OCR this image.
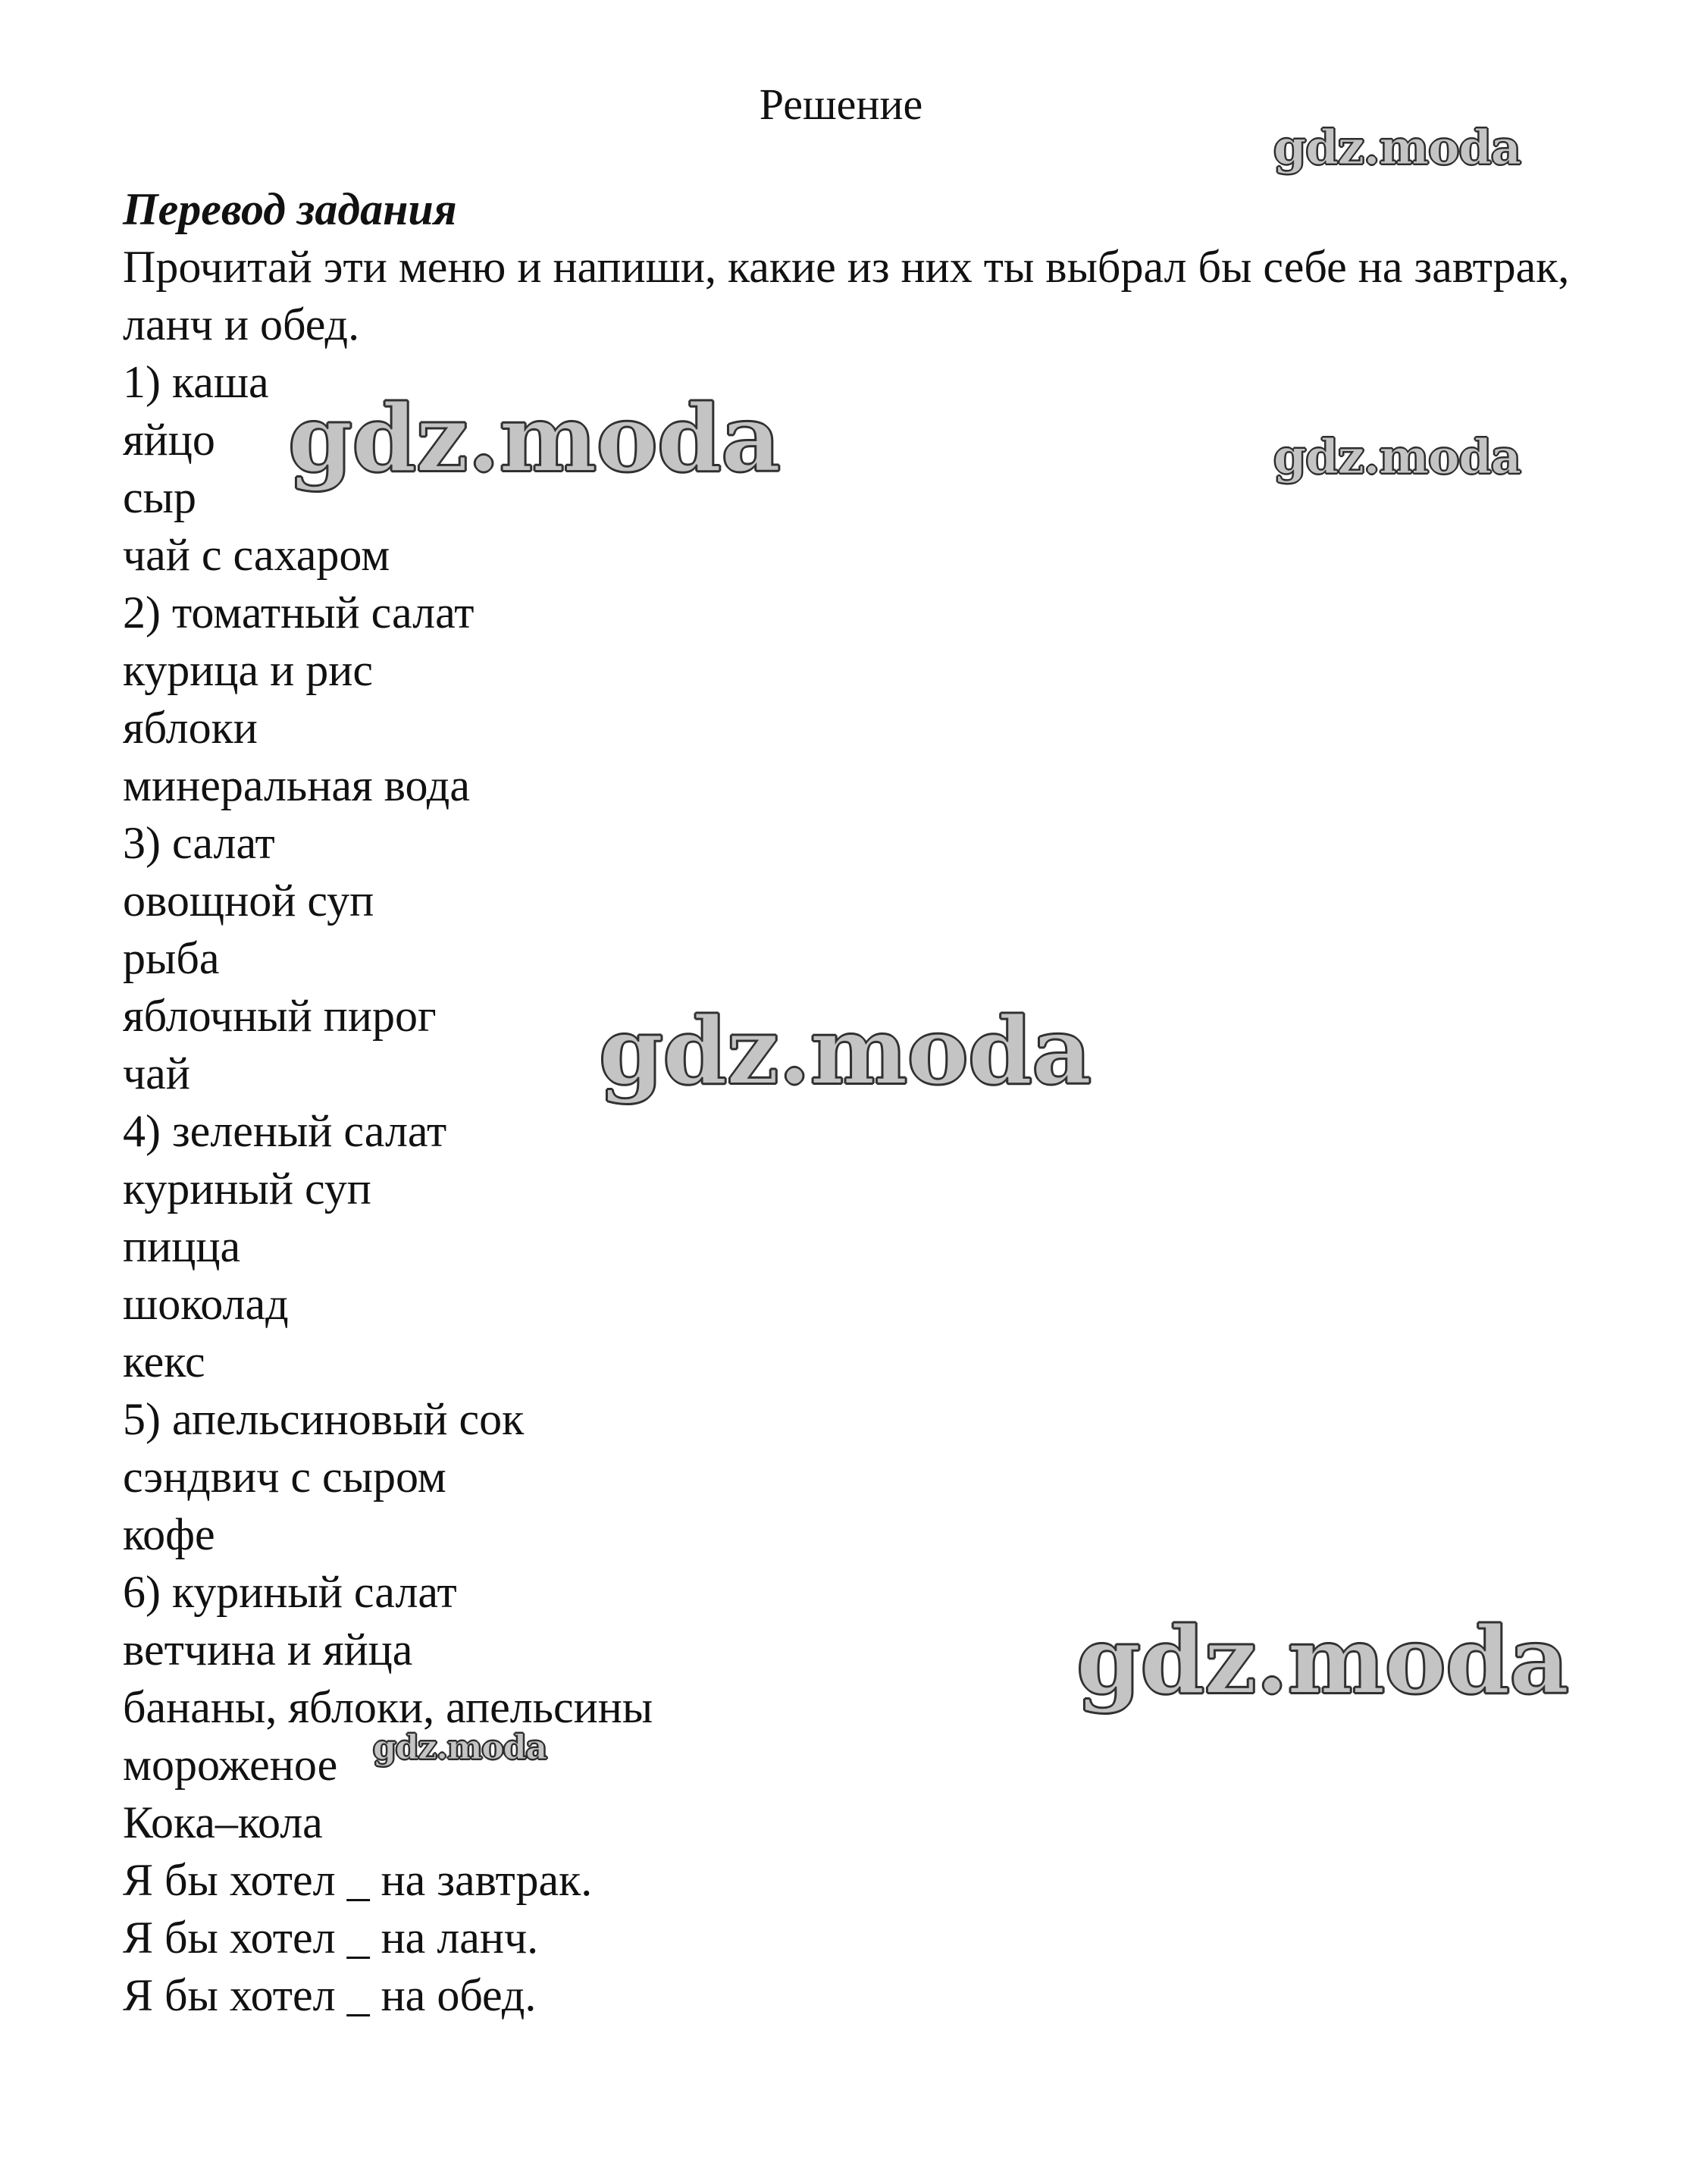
Решение
Перевод задания

Прочитай эти меню и напиши, какие из них ты выбрал бы себе на завтрак, ланч и обед.

1) каша
яйцо
сыр
чай с сахаром
2) томатный салат
курица и рис
яблоки
минеральная вода
3) салат
овощной суп
рыба
яблочный пирог
чай
4) зеленый салат
куриный суп
пицца
шоколад
кекс
5) апельсиновый сок
сэндвич с сыром
кофе
6) куриный салат
ветчина и яйца
бананы, яблоки, апельсины
мороженое
Кока–кола
Я бы хотел _ на завтрак.
Я бы хотел _ на ланч.
Я бы хотел _ на обед.
gdz.moda
gdz.moda	gdz.moda
gdz.moda
gdz.moda
gdz.moda
